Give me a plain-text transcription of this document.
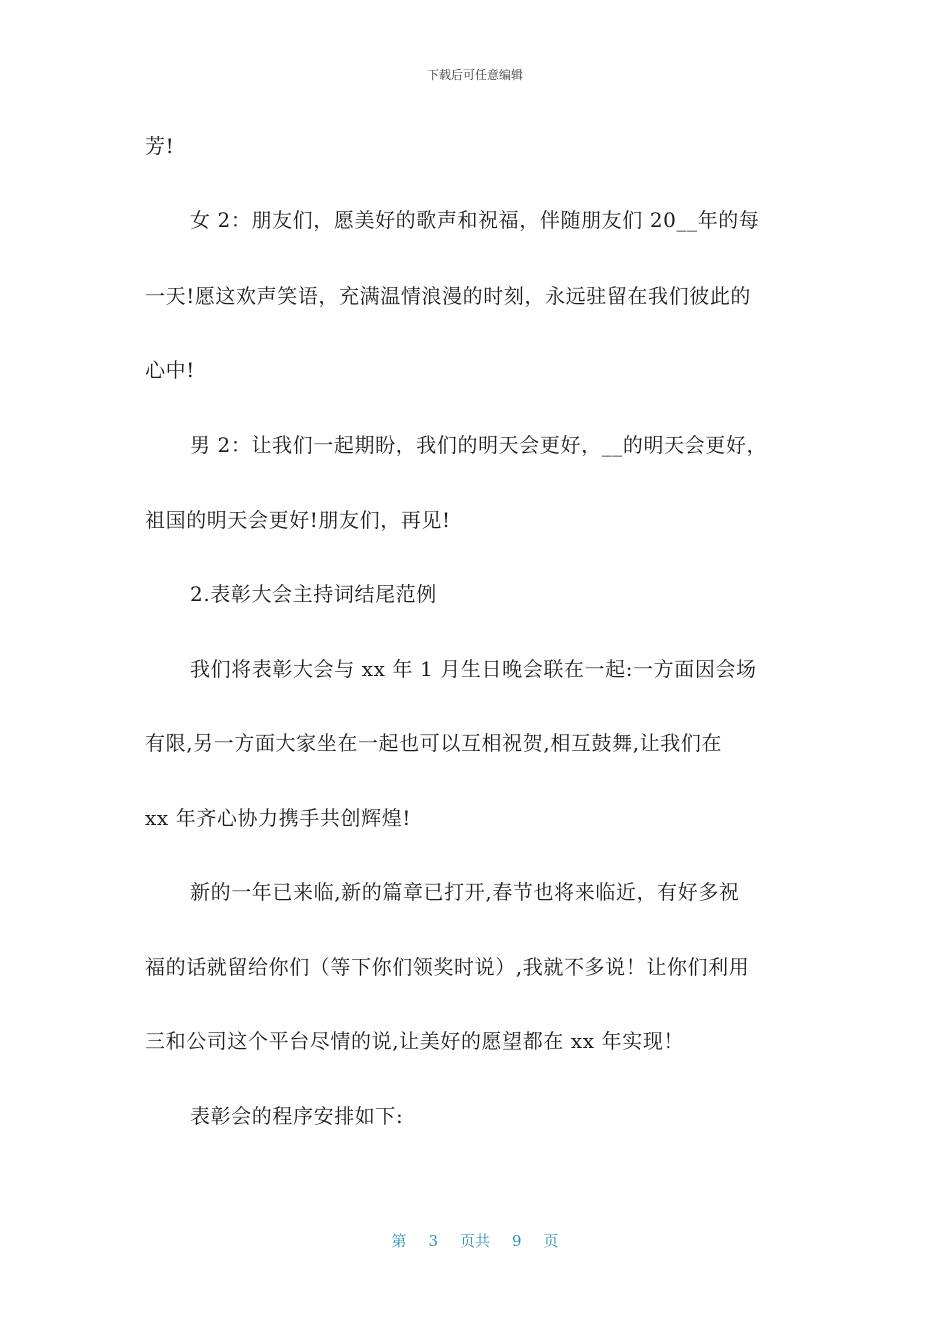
下载后可任意编辑
芳!
女 2：朋友们，愿美好的歌声和祝福，伴随朋友们 20__年的每
一天!愿这欢声笑语，充满温情浪漫的时刻，永远驻留在我们彼此的
心中!
男 2：让我们一起期盼，我们的明天会更好，__的明天会更好，
祖国的明天会更好!朋友们，再见!
2.表彰大会主持词结尾范例
我们将表彰大会与 xx 年 1 月生日晚会联在一起:一方面因会场
有限,另一方面大家坐在一起也可以互相祝贺,相互鼓舞,让我们在
xx 年齐心协力携手共创辉煌!
新的一年已来临,新的篇章已打开,春节也将来临近，有好多祝
福的话就留给你们（等下你们领奖时说）,我就不多说！让你们利用
三和公司这个平台尽情的说,让美好的愿望都在 xx 年实现！
表彰会的程序安排如下:
第 3 页共 9 页
